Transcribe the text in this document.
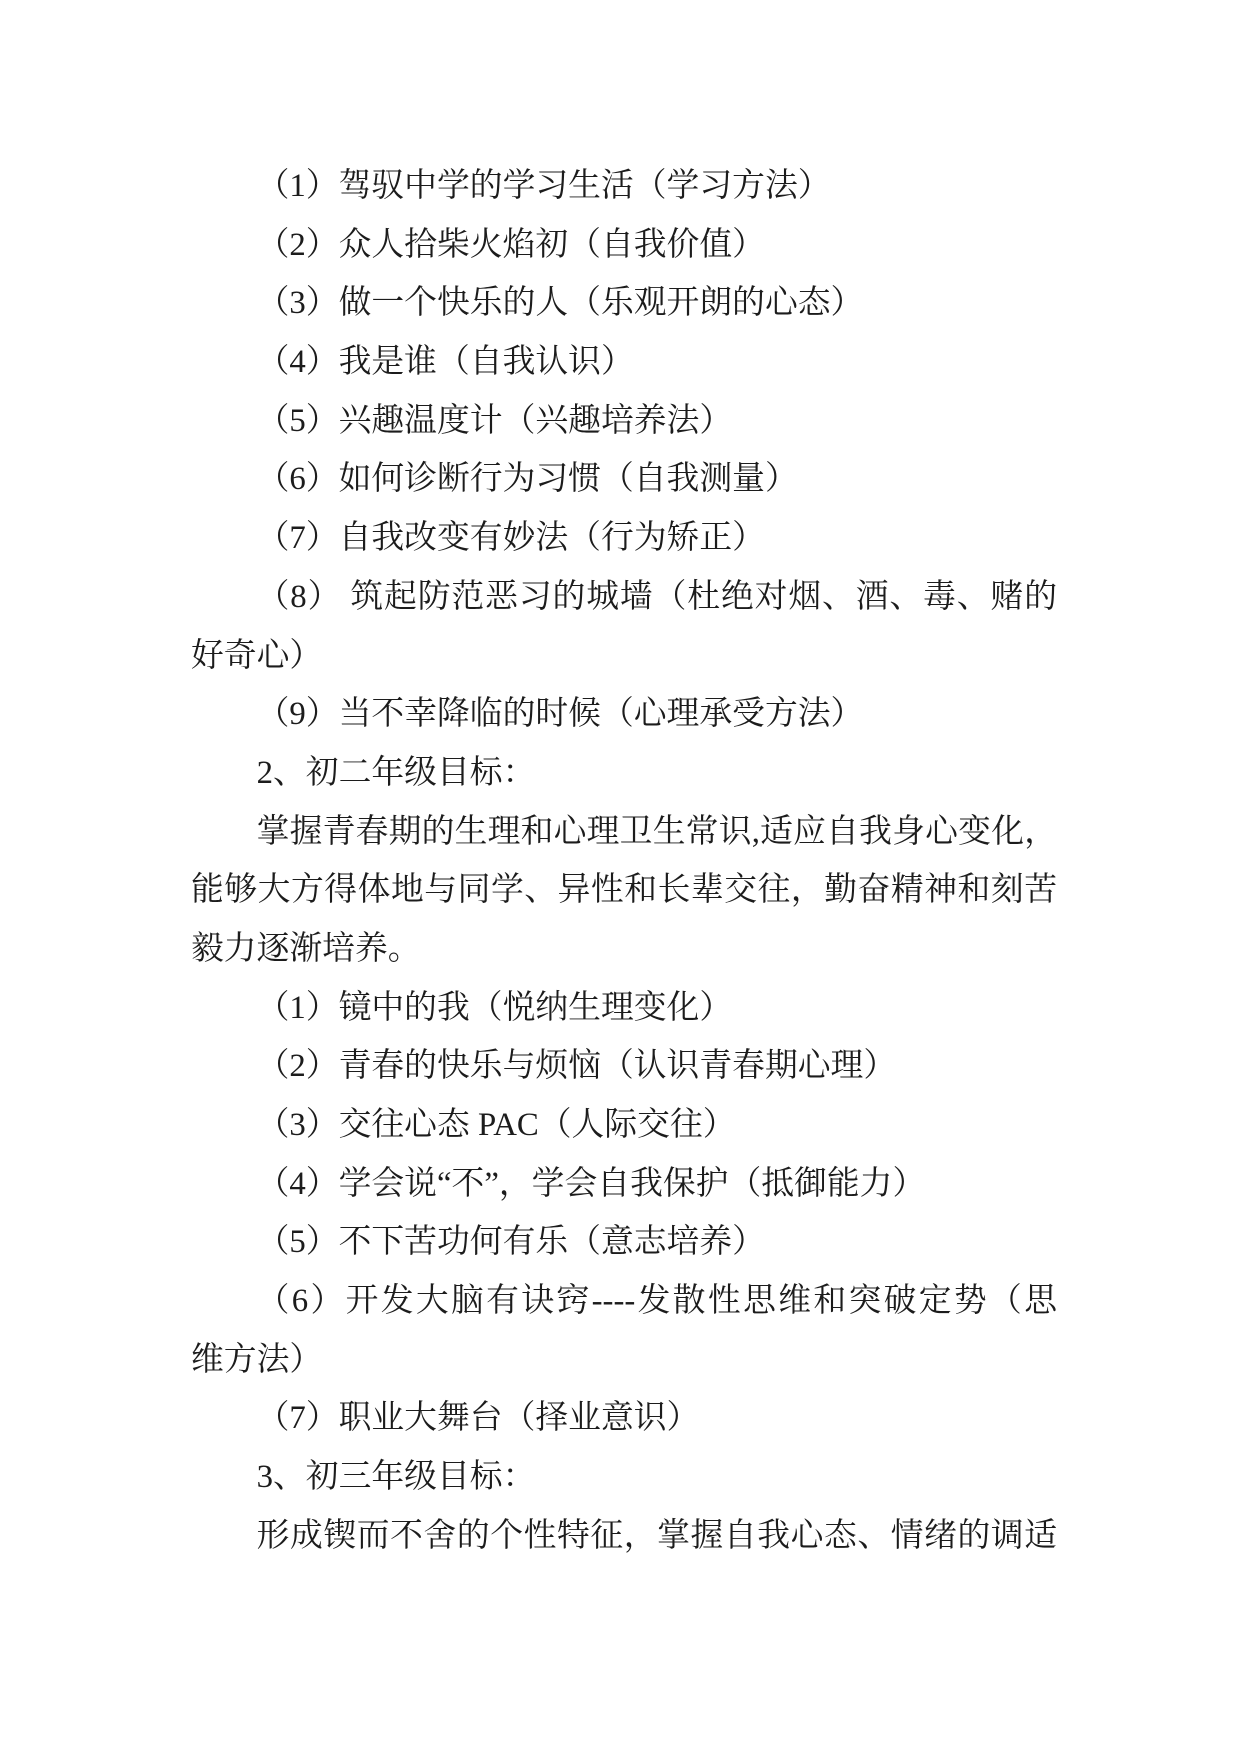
（1）驾驭中学的学习生活（学习方法）
（2）众人拾柴火焰初（自我价值）
（3）做一个快乐的人（乐观开朗的心态）
（4）我是谁（自我认识）
（5）兴趣温度计（兴趣培养法）
（6）如何诊断行为习惯（自我测量）
（7）自我改变有妙法（行为矫正）
（8） 筑起防范恶习的城墙（杜绝对烟、酒、毒、赌的
好奇心）
（9）当不幸降临的时候（心理承受方法）
2、初二年级目标：
掌握青春期的生理和心理卫生常识,适应自我身心变化，
能够大方得体地与同学、异性和长辈交往，勤奋精神和刻苦
毅力逐渐培养。
（1）镜中的我（悦纳生理变化）
（2）青春的快乐与烦恼（认识青春期心理）
（3）交往心态 PAC（人际交往）
（4）学会说“不”，学会自我保护（抵御能力）
（5）不下苦功何有乐（意志培养）
（6）开发大脑有诀窍----发散性思维和突破定势（思
维方法）
（7）职业大舞台（择业意识）
3、初三年级目标：
形成锲而不舍的个性特征，掌握自我心态、情绪的调适
